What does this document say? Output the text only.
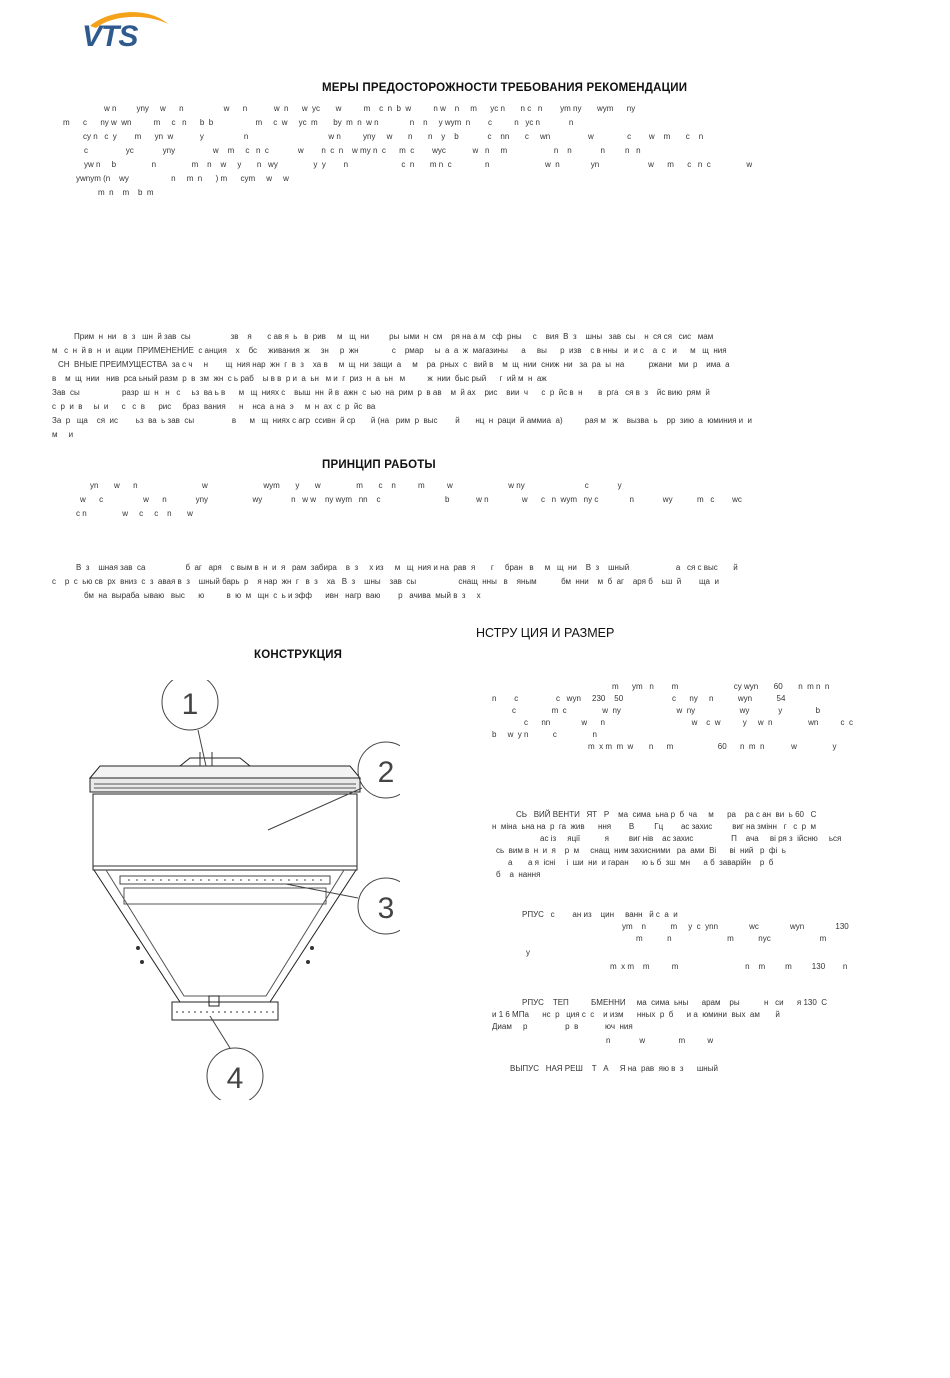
VTS
МЕРЫ ПРЕДОСТОРОЖНОСТИ ТРЕБОВАНИЯ РЕКОМЕНДАЦИИ
w n         yny     w      n                  w      n            w  n      w  yc       w          m    c  n  b  w          n w    n     m      yc n       n c   n        ym ny       wym      ny
m      c      ny w  wn          m     c   n      b  b                   m     c  w     yc  m       by  m  n  w n              n    n     y wym  n        c          n   yc n             n
cy n   c  y        m      yn  w            y                  n                                    w n          yny     w       n       n    y    b             c    nn       c     wn                 w               c        w    m       c    n
c                 yc             yny                 w    m     c   n  c             w        n  c  n    w my n  c      m  c        wyc            w   n     m                     n    n             n         n   n
yw n     b                n                m    n    w     y       n   wy                y  y        n                        c  n       m n  c               n                         w  n              yn                      w      m      c   n  c                w
ywnym (n    wy                   n     m  n      ) m      cym     w     w
m  n    m    b  m
Прим  н  ни   в  з   шн  й зав  сы                  зв    я       с ав я  ь   в  рив     м   щ  ни         ры  ыми  н  см    ря на а м   сф  рны     с    вия  В  з    шны   зав  сы    н  ся ся   сис   мам
м   с  н  й в  н  и  ации  ПРИМЕНЕНИЕ  с анция    х    бс     живания  ж     зн     р  жн               с    рмар     ы  а  а  ж  магазины      а     вы      р  изв    с в нны   и  и с    а  с   и      м   щ  ния
СН  ВНЫЕ ПРЕИМУЩЕСТВА  за с ч     н        щ  ния нар  жн  г  в  з    ха в     м  щ  ни  защи  а     м    ра  рных  с   вий в    м  щ  нии  сниж  ни   за  ра  ы  на           ржани   ми  р    има  а
в    м  щ  нии   нив  рса ьный разм  р  в  зм  жн  с ь раб    ы в в  р и  а  ьн   м и  г  риз  н  а  ьн   м          ж  нии  быс рый      г  ий м  н  аж
Зав  сы                   разр  ш  н   н   с     ьз  ва ь в      м   щ  ниях с    выш  нн  й в  ажн  с  ью  на  рим  р  в ав    м  й ах    рис    вии  ч      с  р  йс в  н       в  рга   ся в  з    йс вию  рям  й
с  р  и  в     ы  и      с   с  в      рис     браз  вания      н    нса  а на  э     м  н  ах  с  р  йс  ва
За  р   ща    ся  ис        ьз  ва  ь зав  сы                 в      м   щ  ниях с агр  ссивн  й ср       й (на   рим  р  выс        й       нц  н  раци  й аммиа  а)          рая м   ж    вызва  ь    рр  зию  а  юминия и  и
м     и
ПРИНЦИП РАБОТЫ
yn       w      n                             w                         wym       y       w                m       c    n          m          w                         w ny                           c             y
w      c                  w      n             yny                    wy             n   w w    ny wym   nn    c                             b            w n               w      c   n  wym   ny c              n             wy           m   c        wc
c n                w     c     c    n       w
В  з    шная зав  са                  б  аг   аря    с вым в  н  и  я   рам  забира    в  з     х из     м   щ  ния и на  рав  я       г     бран   в     м   щ  ни    В  з    шный                     а   ся с выс       й
с    р  с  ью св  рх  вниз  с  з  авая в  з    шный барь  р    я нар  жн  г   в  з    ха   В  з    шны    зав  сы                   снащ  нны   в    яным           бм  нни    м  б  аг    аря б    ьш  й        ща  и
бм  на  выраба  ываю   выс      ю          в  ю  м   щн  с  ь и эфф      ивн   нагр  ваю        р   ачива  мый в  з     х
КОНСТРУКЦИЯ
1
2
3
4
НСТРУ ЦИЯ И РАЗМЕР
m      ym   n        m                         cy wyn       60       n  m n  n
n        c                 c   wyn     230    50                      c      ny     n           wyn           54
c                m  c                w  ny                         w  ny                    wy             y               b
c      nn              w      n                                       w    c  w          y     w  n                wn          c  c
b     w  y n           c                n
m  x m  m  w       n      m                    60      n  m  n            w                y
СЬ   ВИЙ ВЕНТИ   ЯТ   Р    ма  сима  ьна р  б  ча     м      ра    ра с ан  ви  ь 60   С
н  міна  ьна на  р  га  жив      ння        В         Гц        ас захис         виг на змінн   г   с  р  м
ас із     яції           я         виг нів    ас захис                 П    ача     ві ря з  ійсню     ься
сь  вим в  н  и  я    р  м     снащ  ним захисними   ра  ами  Ві      ві  ний   р  фі  ь
а       а я  існі     і  ши  ни  и гаран      ю ь б  зш  мн      а б  заварійн    р  б
б    а  нання
РПУС   с        ан из    цин     ванн   й с  а  и
ym    n           m     y  c  ynn              wc              wyn              130
m           n                         m           nyc                      m
y
m  x m    m          m                              n    m         m         130        n
РПУС    ТЕП          БМЕННИ     ма  сима  ьны      арам    ры           н   си      я 130  С
и 1 6 МПа      нс  р   ция с  с    и изм      нных  р  б      и а  юмини  вых  ам       й
Диам     р                 р  в            юч  ния
n             w               m          w
ВЫПУС   НАЯ РЕШ    Т   А     Я на  рав  яю в  з      шный
